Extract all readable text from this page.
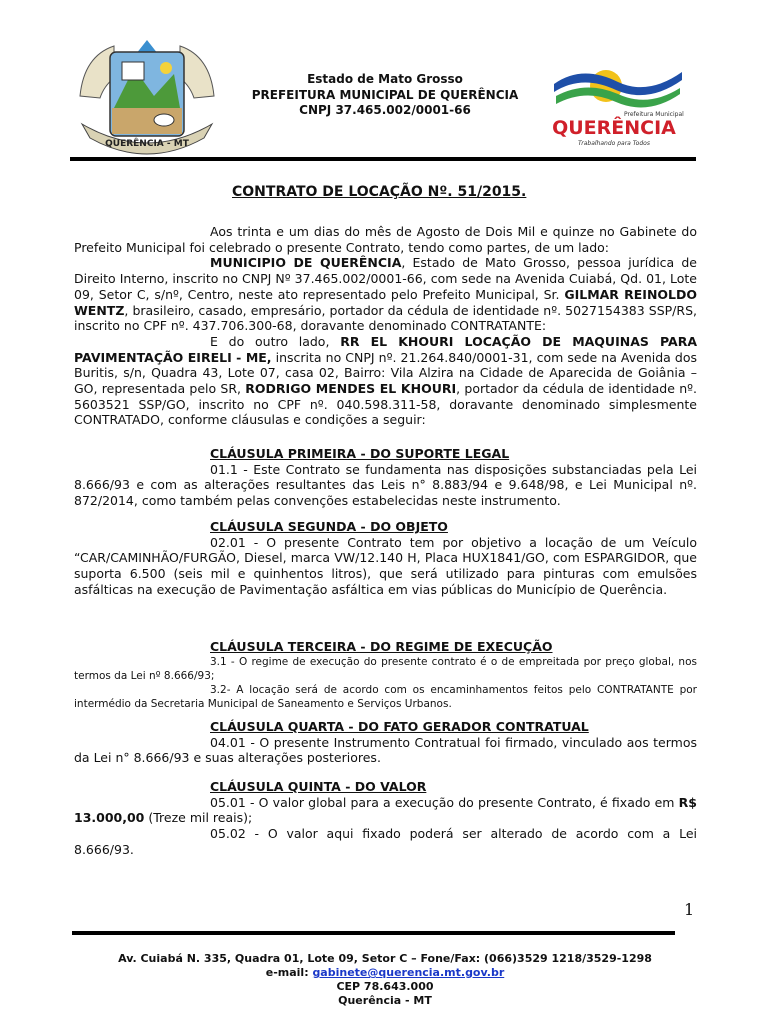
QUERÊNCIA - MT
Estado de Mato Grosso
PREFEITURA MUNICIPAL DE QUERÊNCIA
CNPJ 37.465.002/0001-66	Prefeitura Municipal
QUERÊNCIA
Trabalhando para Todos
CONTRATO DE LOCAÇÃO Nº. 51/2015.

Aos trinta e um dias do mês de Agosto de Dois Mil e quinze no Gabinete do Prefeito Municipal foi celebrado o presente Contrato, tendo como partes, de um lado:

MUNICIPIO DE QUERÊNCIA, Estado de Mato Grosso, pessoa jurídica de Direito Interno, inscrito no CNPJ Nº 37.465.002/0001-66, com sede na Avenida Cuiabá, Qd. 01, Lote 09, Setor C, s/nº, Centro, neste ato representado pelo Prefeito Municipal, Sr. GILMAR REINOLDO WENTZ, brasileiro, casado, empresário, portador da cédula de identidade nº. 5027154383 SSP/RS, inscrito no CPF nº. 437.706.300-68, doravante denominado CONTRATANTE:

E do outro lado, RR EL KHOURI LOCAÇÃO DE MAQUINAS PARA PAVIMENTAÇÃO EIRELI - ME, inscrita no CNPJ nº. 21.264.840/0001-31, com sede na Avenida dos Buritis, s/n, Quadra 43, Lote 07, casa 02, Bairro: Vila Alzira na Cidade de Aparecida de Goiânia – GO, representada pelo SR, RODRIGO MENDES EL KHOURI, portador da cédula de identidade nº. 5603521 SSP/GO, inscrito no CPF nº. 040.598.311-58, doravante denominado simplesmente CONTRATADO, conforme cláusulas e condições a seguir:

CLÁUSULA PRIMEIRA - DO SUPORTE LEGAL

01.1 - Este Contrato se fundamenta nas disposições substanciadas pela Lei 8.666/93 e com as alterações resultantes das Leis n° 8.883/94 e 9.648/98, e Lei Municipal nº. 872/2014, como também pelas convenções estabelecidas neste instrumento.

CLÁUSULA SEGUNDA - DO OBJETO

02.01 - O presente Contrato tem por objetivo a locação de um Veículo “CAR/CAMINHÃO/FURGÃO, Diesel, marca VW/12.140 H, Placa HUX1841/GO, com ESPARGIDOR, que suporta 6.500 (seis mil e quinhentos litros), que será utilizado para pinturas com emulsões asfálticas na execução de Pavimentação asfáltica em vias públicas do Município de Querência.

CLÁUSULA TERCEIRA - DO REGIME DE EXECUÇÃO

3.1 - O regime de execução do presente contrato é o de empreitada por preço global, nos termos da Lei nº 8.666/93;

3.2- A locação será de acordo com os encaminhamentos feitos pelo CONTRATANTE por intermédio da Secretaria Municipal de Saneamento e Serviços Urbanos.

CLÁUSULA QUARTA - DO FATO GERADOR CONTRATUAL

04.01 - O presente Instrumento Contratual foi firmado, vinculado aos termos da Lei n° 8.666/93 e suas alterações posteriores.

CLÁUSULA QUINTA - DO VALOR

05.01 - O valor global para a execução do presente Contrato, é fixado em R$ 13.000,00 (Treze mil reais);

05.02 - O valor aqui fixado poderá ser alterado de acordo com a Lei 8.666/93.

1
Av. Cuiabá N. 335, Quadra 01, Lote 09, Setor C – Fone/Fax: (066)3529 1218/3529-1298
e-mail: gabinete@querencia.mt.gov.br
CEP 78.643.000
Querência - MT
